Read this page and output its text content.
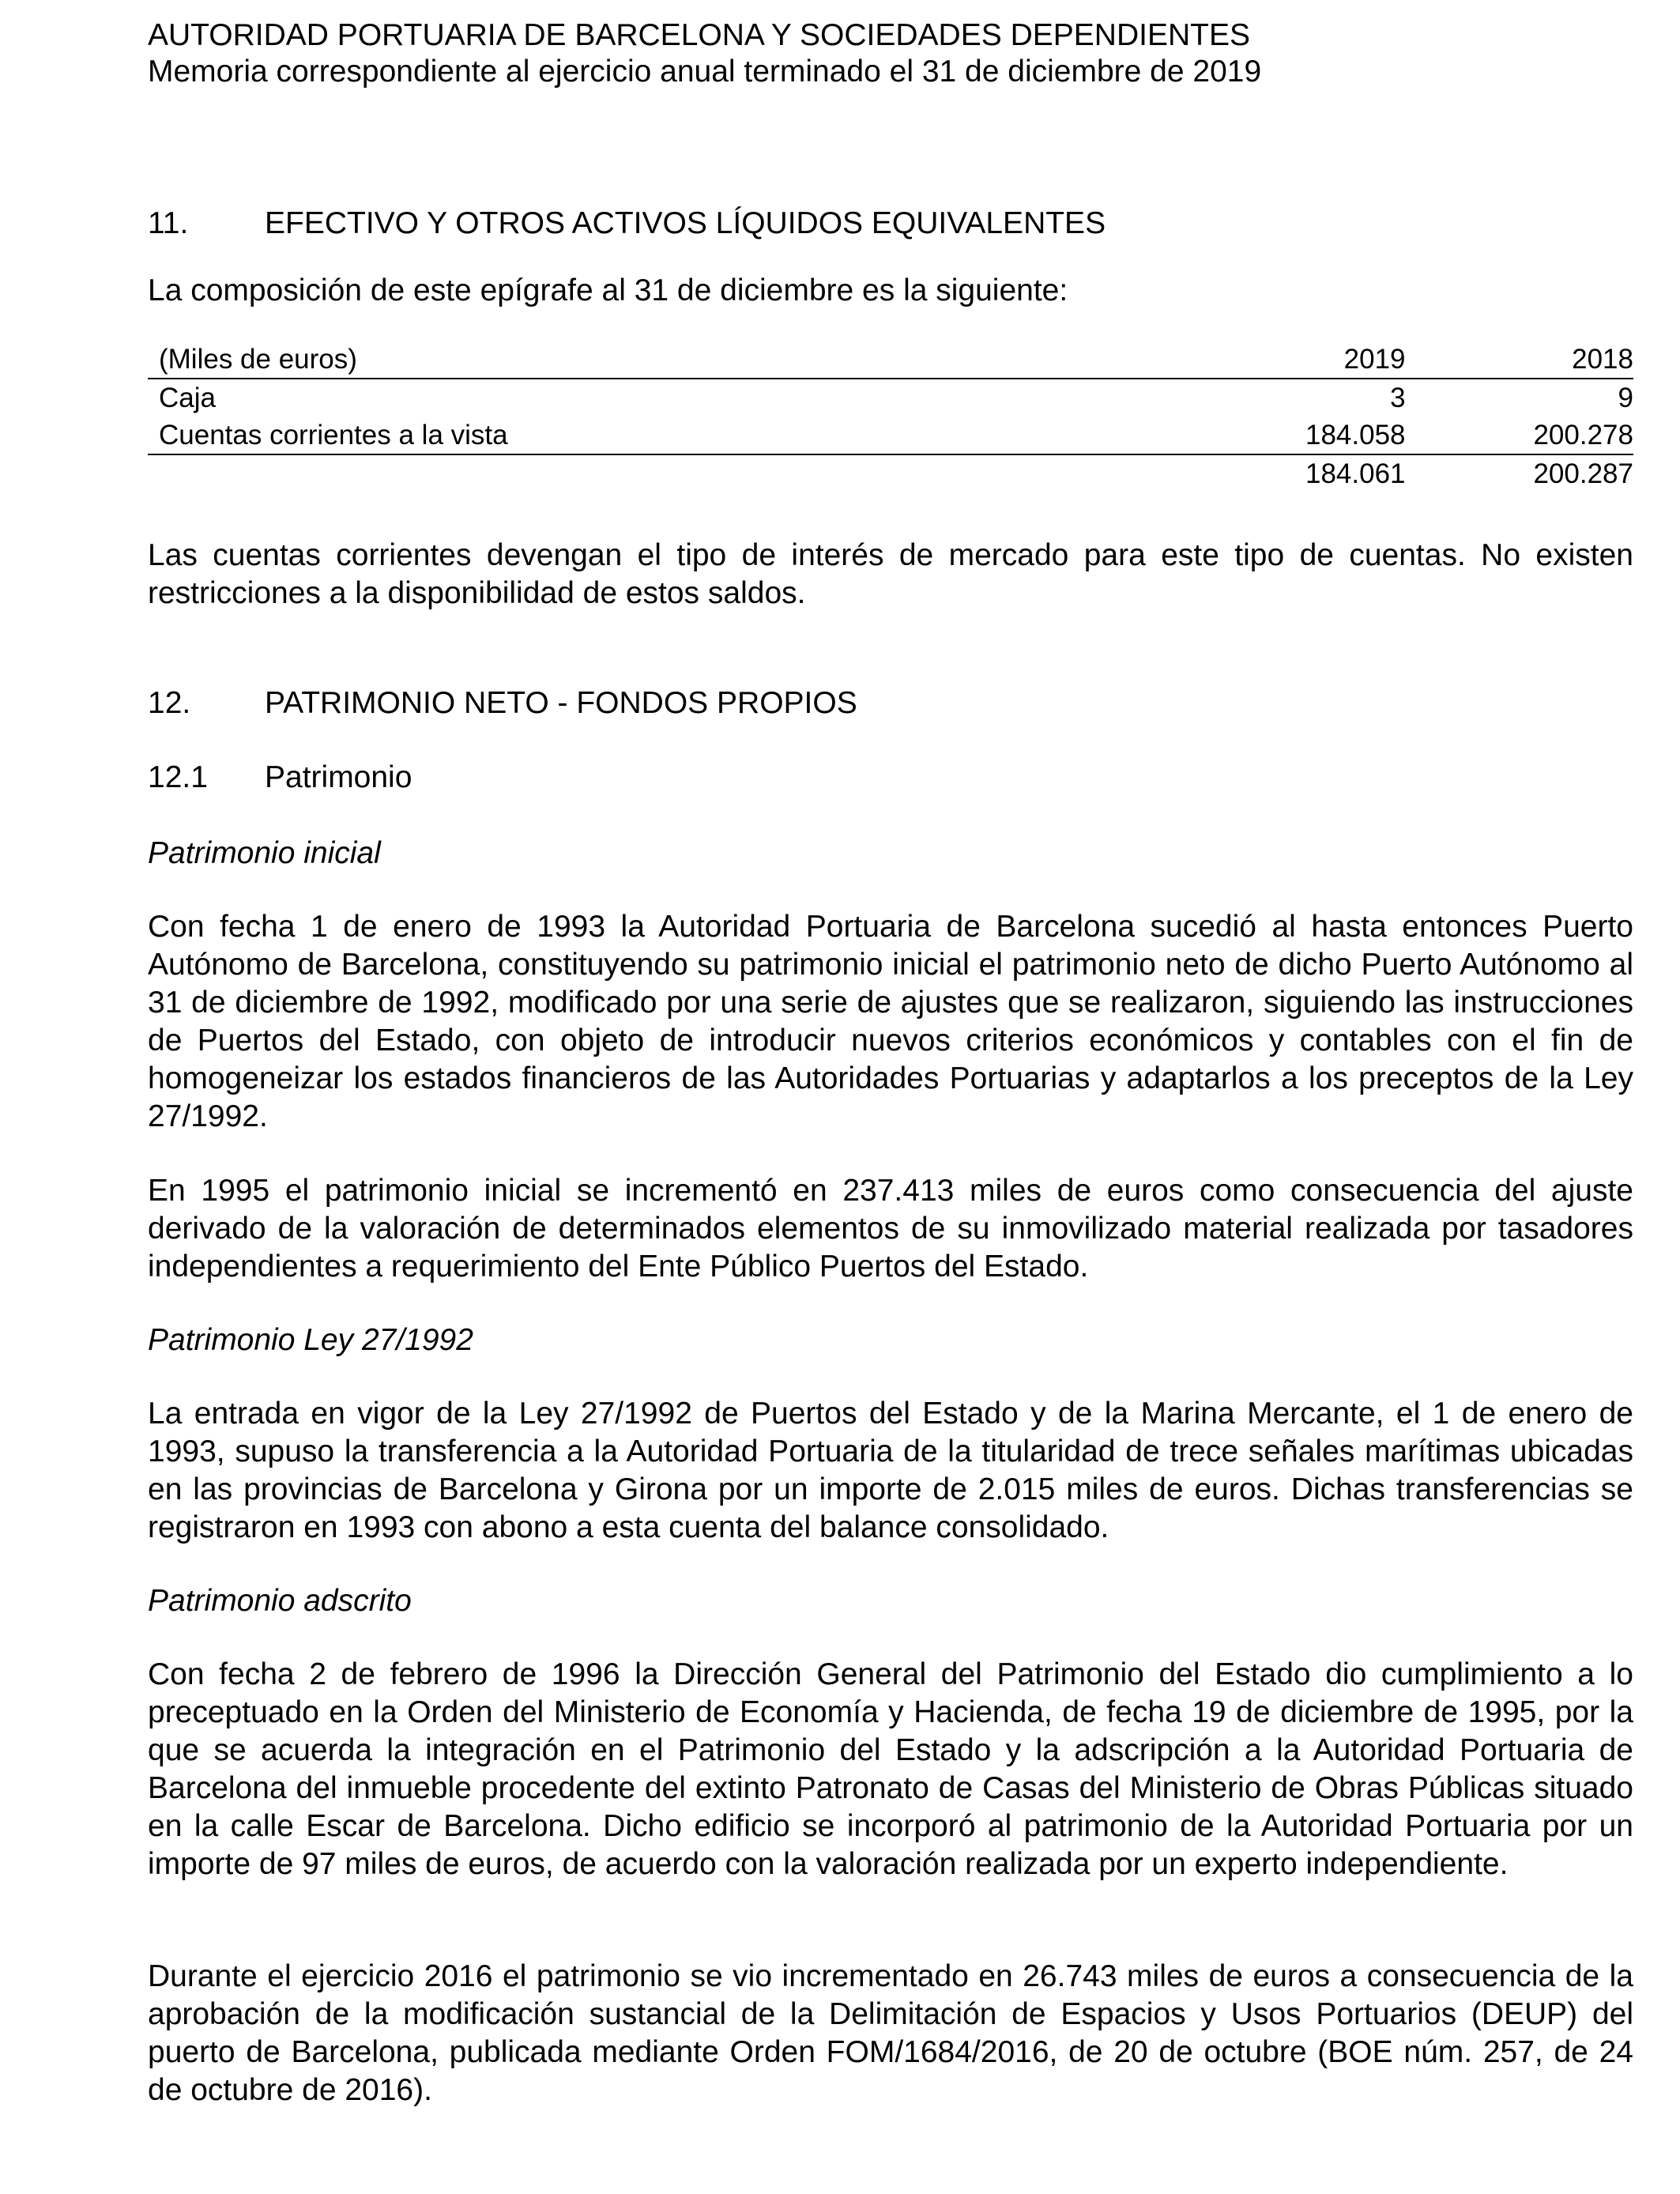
AUTORIDAD PORTUARIA DE BARCELONA Y SOCIEDADES DEPENDIENTES

Memoria correspondiente al ejercicio anual terminado el 31 de diciembre de 2019

11.	EFECTIVO Y OTROS ACTIVOS LÍQUIDOS EQUIVALENTES

La composición de este epígrafe al 31 de diciembre es la siguiente:

(Miles de euros)	2019	2018
Caja	3	9
Cuentas corrientes a la vista	184.058	200.278
	184.061	200.287

Las cuentas corrientes devengan el tipo de interés de mercado para este tipo de cuentas. No existen restricciones a la disponibilidad de estos saldos.

12.	PATRIMONIO NETO - FONDOS PROPIOS
12.1	Patrimonio

Patrimonio inicial

Con fecha 1 de enero de 1993 la Autoridad Portuaria de Barcelona sucedió al hasta entonces Puerto Autónomo de Barcelona, constituyendo su patrimonio inicial el patrimonio neto de dicho Puerto Autónomo al 31 de diciembre de 1992, modificado por una serie de ajustes que se realizaron, siguiendo las instrucciones de Puertos del Estado, con objeto de introducir nuevos criterios económicos y contables con el fin de homogeneizar los estados financieros de las Autoridades Portuarias y adaptarlos a los preceptos de la Ley 27/1992.

En 1995 el patrimonio inicial se incrementó en 237.413 miles de euros como consecuencia del ajuste derivado de la valoración de determinados elementos de su inmovilizado material realizada por tasadores independientes a requerimiento del Ente Público Puertos del Estado.

Patrimonio Ley 27/1992

La entrada en vigor de la Ley 27/1992 de Puertos del Estado y de la Marina Mercante, el 1 de enero de 1993, supuso la transferencia a la Autoridad Portuaria de la titularidad de trece señales marítimas ubicadas en las provincias de Barcelona y Girona por un importe de 2.015 miles de euros. Dichas transferencias se registraron en 1993 con abono a esta cuenta del balance consolidado.

Patrimonio adscrito

Con fecha 2 de febrero de 1996 la Dirección General del Patrimonio del Estado dio cumplimiento a lo preceptuado en la Orden del Ministerio de Economía y Hacienda, de fecha 19 de diciembre de 1995, por la que se acuerda la integración en el Patrimonio del Estado y la adscripción a la Autoridad Portuaria de Barcelona del inmueble procedente del extinto Patronato de Casas del Ministerio de Obras Públicas situado en la calle Escar de Barcelona. Dicho edificio se incorporó al patrimonio de la Autoridad Portuaria por un importe de 97 miles de euros, de acuerdo con la valoración realizada por un experto independiente.

Durante el ejercicio 2016 el patrimonio se vio incrementado en 26.743 miles de euros a consecuencia de la aprobación de la modificación sustancial de la Delimitación de Espacios y Usos Portuarios (DEUP) del puerto de Barcelona, publicada mediante Orden FOM/1684/2016, de 20 de octubre (BOE núm. 257, de 24 de octubre de 2016).
